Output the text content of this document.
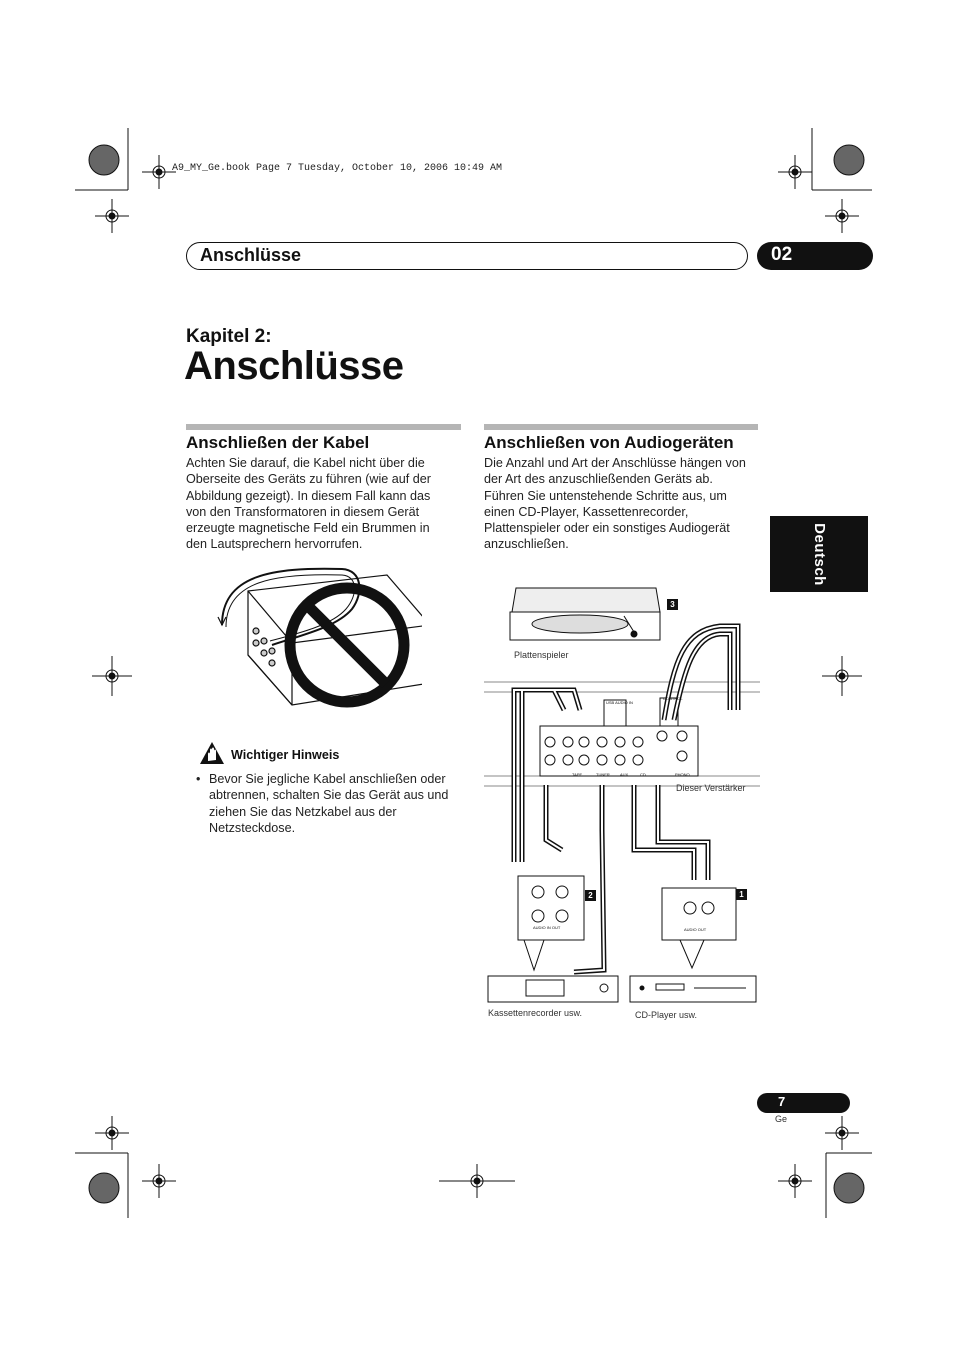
A9_MY_Ge.book Page 7 Tuesday, October 10, 2006 10:49 AM
Anschlüsse	02
Kapitel 2:
Anschlüsse
Anschließen der Kabel
Achten Sie darauf, die Kabel nicht über die Oberseite des Geräts zu führen (wie auf der Abbildung gezeigt). In diesem Fall kann das von den Transformatoren in diesem Gerät erzeugte magnetische Feld ein Brummen in den Lautsprechern hervorrufen.
Wichtiger Hinweis
• Bevor Sie jegliche Kabel anschließen oder abtrennen, schalten Sie das Gerät aus und ziehen Sie das Netzkabel aus der Netzsteckdose.
Anschließen von Audiogeräten
Die Anzahl und Art der Anschlüsse hängen von der Art des anzuschließenden Geräts ab. Führen Sie untenstehende Schritte aus, um einen CD-Player, Kassettenrecorder, Plattenspieler oder ein sonstiges Audiogerät anzuschließen.	Deutsch
Plattenspieler
Dieser Verstärker
Kassettenrecorder usw.	CD-Player usw.
3
2	1
USB AUDIO IN
CONTROL
TAPE	TUNER	AUX	CD	PHONO
AUDIO IN OUT	AUDIO OUT
7
Ge
